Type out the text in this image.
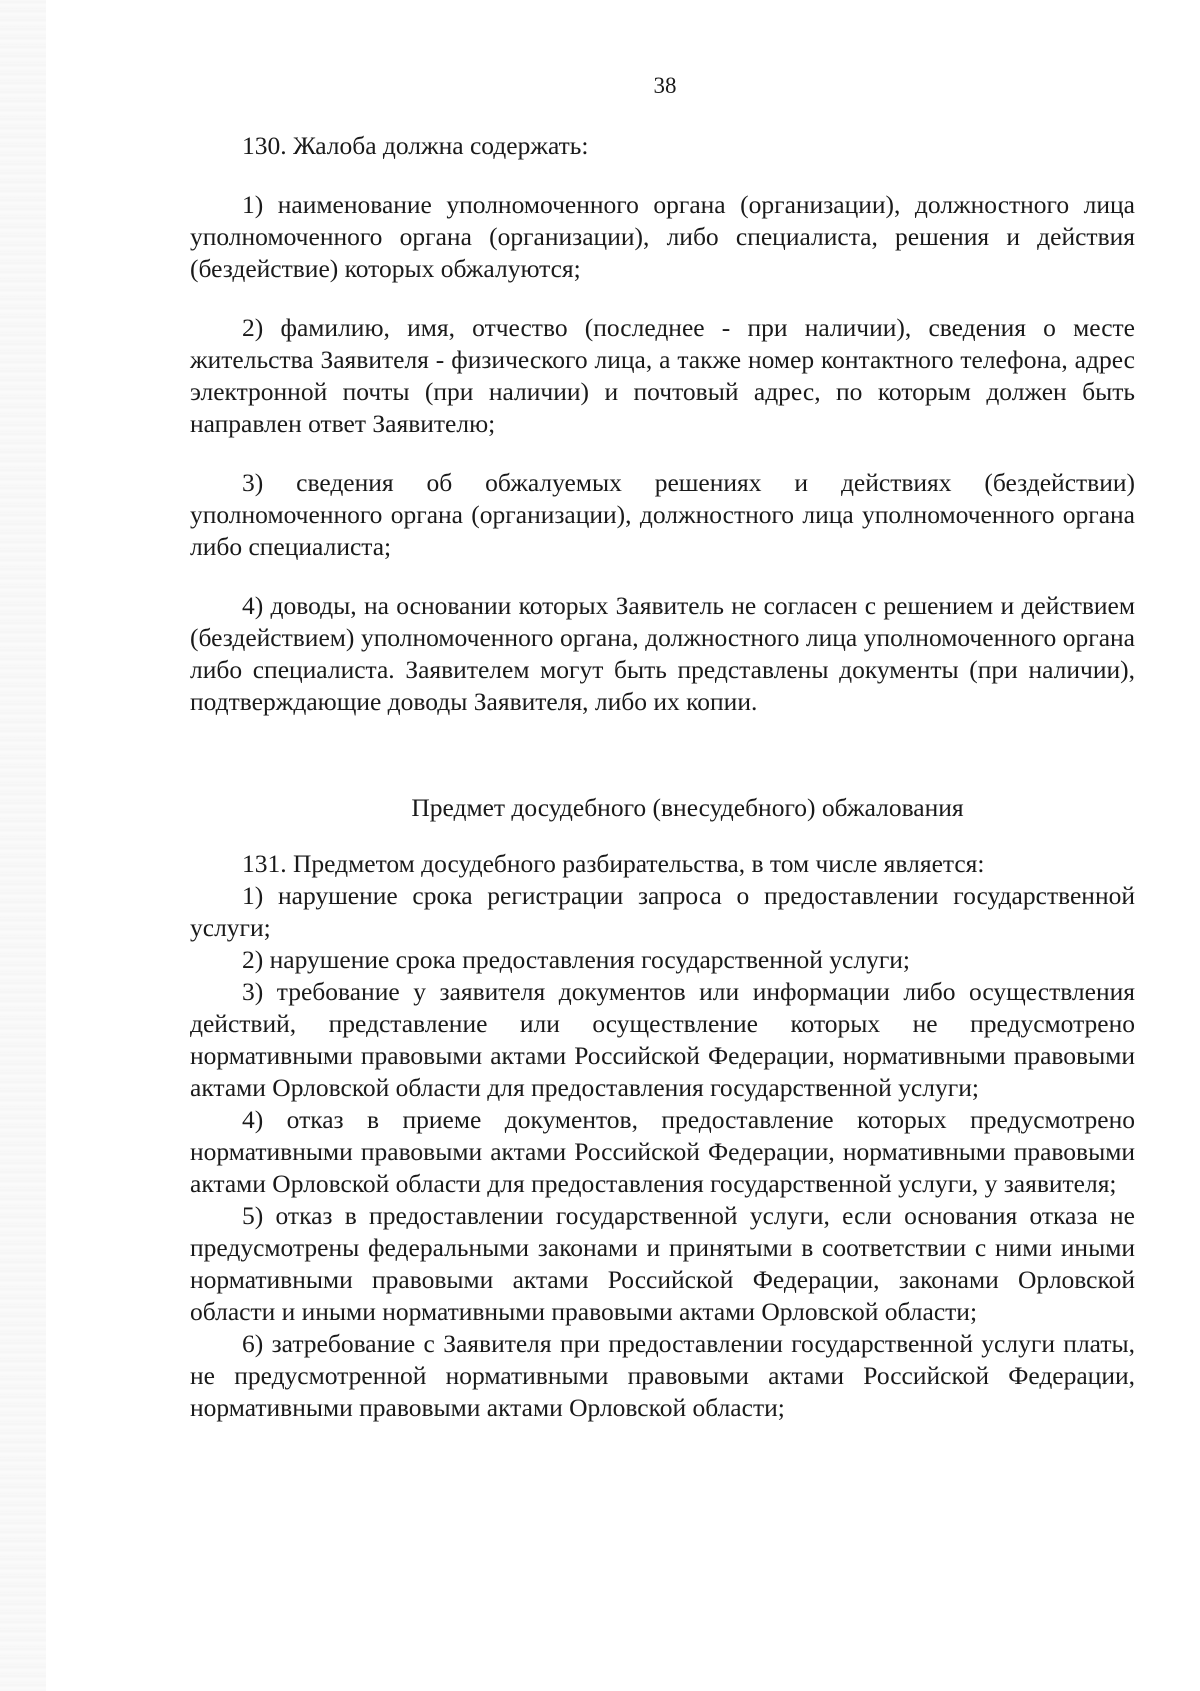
38

130. Жалоба должна содержать:

1) наименование уполномоченного органа (организации), должностного лица уполномоченного органа (организации), либо специалиста, решения и действия (бездействие) которых обжалуются;

2) фамилию, имя, отчество (последнее - при наличии), сведения о месте жительства Заявителя - физического лица, а также номер контактного телефона, адрес электронной почты (при наличии) и почтовый адрес, по которым должен быть направлен ответ Заявителю;

3) сведения об обжалуемых решениях и действиях (бездействии) уполномоченного органа (организации), должностного лица уполномоченного органа либо специалиста;

4) доводы, на основании которых Заявитель не согласен с решением и действием (бездействием) уполномоченного органа, должностного лица уполномоченного органа либо специалиста. Заявителем могут быть представлены документы (при наличии), подтверждающие доводы Заявителя, либо их копии.

Предмет досудебного (внесудебного) обжалования

131. Предметом досудебного разбирательства, в том числе является:

1) нарушение срока регистрации запроса о предоставлении государственной услуги;

2) нарушение срока предоставления государственной услуги;

3) требование у заявителя документов или информации либо осуществления действий, представление или осуществление которых не предусмотрено нормативными правовыми актами Российской Федерации, нормативными правовыми актами Орловской области для предоставления государственной услуги;

4) отказ в приеме документов, предоставление которых предусмотрено нормативными правовыми актами Российской Федерации, нормативными правовыми актами Орловской области для предоставления государственной услуги, у заявителя;

5) отказ в предоставлении государственной услуги, если основания отказа не предусмотрены федеральными законами и принятыми в соответствии с ними иными нормативными правовыми актами Российской Федерации, законами Орловской области и иными нормативными правовыми актами Орловской области;

6) затребование с Заявителя при предоставлении государственной услуги платы, не предусмотренной нормативными правовыми актами Российской Федерации, нормативными правовыми актами Орловской области;
